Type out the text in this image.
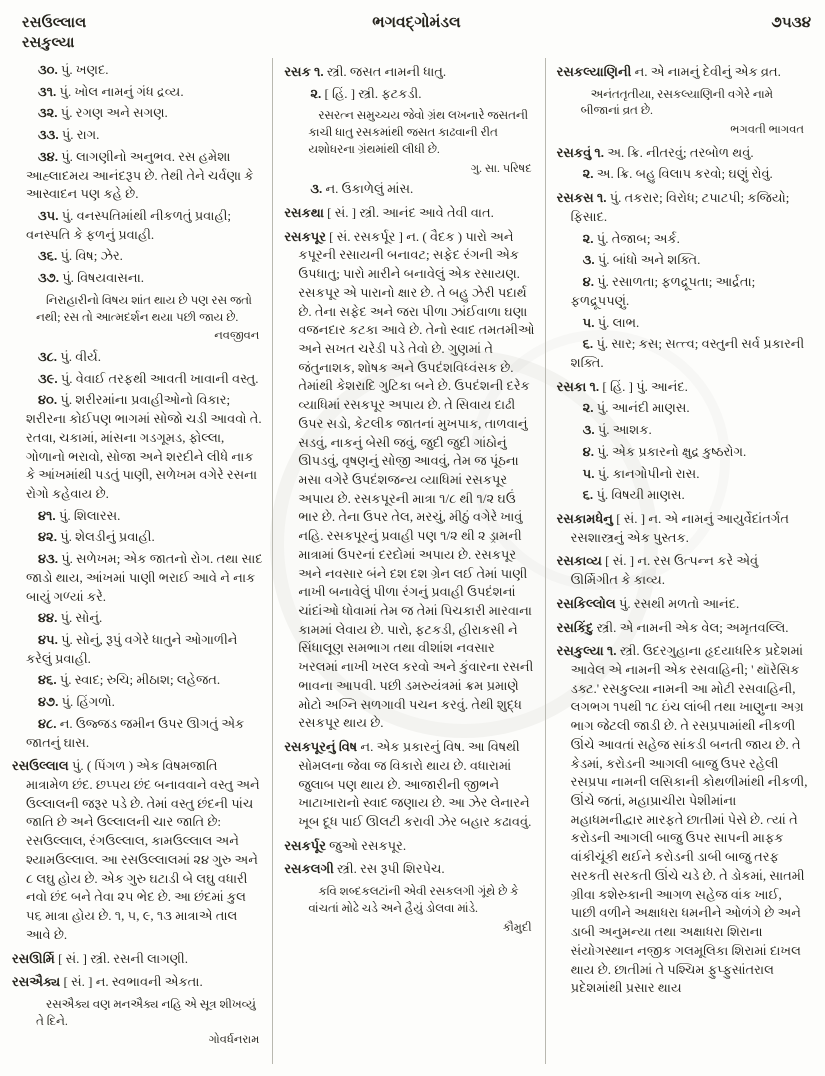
રસઉલ્લાલ	ભગવદ્ગોમંડલ	૭૫૩૪
રસકુલ્યા
૩૦. પું. ખણદ.
૩૧. પું. ખોલ નામનું ગંધ દ્રવ્ય.
૩૨. પું. રગણ અને સગણ.
૩૩. પું. રાગ.
૩૪. પું. લાગણીનો અનુભવ. રસ હમેશા આહ્લાદમય આનંદરૂપ છે. તેથી તેને ચર્વણા કે આસ્વાદન પણ કહે છે.
૩૫. પું. વનસ્પતિમાંથી નીકળતું પ્રવાહી; વનસ્પતિ કે ફળનું પ્રવાહી.
૩૬. પું. વિષ; ઝેર.
૩૭. પું. વિષયવાસના.
નિરાહારીનો વિષય શાંત થાય છે પણ રસ જતો નથી; રસ તો આત્મદર્શન થયા પછી જાય છે.
નવજીવન
૩૮. પું. વીર્ય.
૩૯. પું. વેવાઈ તરફથી આવતી ખાવાની વસ્તુ.
૪૦. પું. શરીરમાંના પ્રવાહીઓનો વિકાર; શરીરના કોઈપણ ભાગમાં સોજો ચડી આવવો તે. રતવા, ચકામાં, માંસના ગડગૂમડ, ફોલ્લા, ગોળાનો ભરાવો, સોજા અને શરદીને લીધે નાક કે આંખમાંથી પડતું પાણી, સળેખમ વગેરે રસના રોગો કહેવાય છે.
૪૧. પું. શિલારસ.
૪૨. પું. શેલડીનું પ્રવાહી.
૪૩. પું. સળેખમ; એક જાતનો રોગ. તથા સાદ જાડો થાય, આંખમાં પાણી ભરાઈ આવે ને નાક બાયું ગળ્યાં કરે.
૪૪. પું. સોનું.
૪૫. પું. સોનું, રૂપું વગેરે ધાતુને ઓગાળીને કરેલું પ્રવાહી.
૪૬. પું. સ્વાદ; રુચિ; મીઠાશ; લહેજત.
૪૭. પું. હિંગળો.
૪૮. ન. ઉજ્જડ જમીન ઉપર ઊગતું એક જાતનું ઘાસ.
રસઉલ્લાલ પું. ( પિંગળ ) એક વિષમજાતિ માત્રામેળ છંદ. છપ્પય છંદ બનાવવાને વસ્તુ અને ઉલ્લાલની જરૂર પડે છે. તેમાં વસ્તુ છંદની પાંચ જાતિ છે અને ઉલ્લાલની ચાર જાતિ છે: રસઉલ્લાલ, રંગઉલ્લાલ, કામઉલ્લાલ અને શ્યામઉલ્લાલ. આ રસઉલ્લાલમાં ૨૪ ગુરુ અને ૮ લઘુ હોય છે. એક ગુરુ ઘટાડી બે લઘુ વધારી નવો છંદ બને તેવા ૨૫ ભેદ છે. આ છંદમાં કુલ ૫૬ માત્રા હોય છે. ૧, ૫, ૯, ૧૩ માત્રાએ તાલ આવે છે.
રસઊર્મિ [ સં. ] સ્ત્રી. રસની લાગણી.
રસઐક્ય [ સં. ] ન. સ્વભાવની એકતા.
રસઐક્ય વણ મનઐક્ય નહિ એ સૂત્ર શીખવ્યું તે દિને.
ગોવર્ધનરામ
રસક ૧. સ્ત્રી. જસત નામની ધાતુ.
૨. [ હિં. ] સ્ત્રી. ફટકડી.
રસરત્ન સમુચ્ચય જેવો ગ્રંથ લખનારે જસતની કાચી ધાતુ રસકમાંથી જસત કાઢવાની રીત યશોધરના ગ્રંથમાંથી લીધી છે.
ગુ. સા. પરિષદ
૩. ન. ઉકાળેલું માંસ.
રસકથા [ સં. ] સ્ત્રી. આનંદ આવે તેવી વાત.
રસકપૂર [ સં. રસકર્પૂર ] ન. ( વૈદક ) પારો અને કપૂરની રસાયની બનાવટ; સફેદ રંગની એક ઉપધાતુ; પારો મારીને બનાવેલું એક રસાયણ. રસકપૂર એ પારાનો ક્ષાર છે. તે બહુ ઝેરી પદાર્થ છે. તેના સફેદ અને જરા પીળા ઝાંઈવાળા ઘણા વજનદાર કટકા આવે છે. તેનો સ્વાદ તમતમીઓ અને સખત ચરેડી પડે તેવો છે. ગુણમાં તે જંતુનાશક, શોષક અને ઉપદંશવિધ્વંસક છે. તેમાંથી કેશરાદિ ગુટિકા બને છે. ઉપદંશની દરેક વ્યાધિમાં રસકપૂર અપાય છે. તે સિવાય દાઢી ઉપર સડો, કેટલીક જાતનાં મુખપાક, તાળવાનું સડવું, નાકનું બેસી જવું, જુદી જુદી ગાંઠોનું ઊપડવું, વૃષણનું સોજી આવવું, તેમ જ પૂંઠના મસા વગેરે ઉપદંશજન્ય વ્યાધિમાં રસકપૂર અપાય છે. રસકપૂરની માત્રા ૧/૮ થી ૧/૨ ઘઉં ભાર છે. તેના ઉપર તેલ, મરચું, મીઠું વગેરે ખાવું નહિ. રસકપૂરનું પ્રવાહી પણ ૧/૨ થી ૨ ડ્રામની માત્રામાં ઉપરનાં દરદોમાં અપાય છે. રસકપૂર અને નવસાર બંને દશ દશ ગ્રેન લઈ તેમાં પાણી નાખી બનાવેલું પીળા રંગનું પ્રવાહી ઉપદંશનાં ચાંદાંઓ ધોવામાં તેમ જ તેમાં પિચકારી મારવાના કામમાં લેવાય છે. પારો, ફટકડી, હીરાકસી ને સિંધાલૂણ સમભાગ તથા વીશાંશ નવસાર ખરલમાં નાખી ખરલ કરવો અને કુંવારના રસની ભાવના આપવી. પછી ડમરુયંત્રમાં ક્રમ પ્રમાણે મોટો અગ્નિ સળગાવી પચન કરવું. તેથી શુદ્ધ રસકપૂર થાય છે.
રસકપૂરનું વિષ ન. એક પ્રકારનું વિષ. આ વિષથી સોમલના જેવા જ વિકારો થાય છે. વધારામાં જુલાબ પણ થાય છે. આજારીની જીભને ખાટાખારાનો સ્વાદ જણાય છે. આ ઝેર લેનારને ખૂબ દૂધ પાઈ ઊલટી કરાવી ઝેર બહાર કઢાવવું.
રસકર્પૂર જુઓ રસકપૂર.
રસકલગી સ્ત્રી. રસ રૂપી શિરપેચ.
કવિ શબ્દકલટાંની એવી રસકલગી ગૂંથે છે કે વાંચતાં મોઢે ચડે અને હૈયું ડોલવા માંડે.
કૌમુદી
રસકલ્યાણિની ન. એ નામનું દેવીનું એક વ્રત.
અનંતતૃતીયા, રસકલ્યાણિની વગેરે નામે બીજાનાં વ્રત છે.
ભગવતી ભાગવત
રસકવું ૧. અ. ક્રિ. નીતરવું; તરબોળ થવું.
૨. અ. ક્રિ. બહુ વિલાપ કરવો; ઘણું રોવું.
રસકસ ૧. પું. તકરાર; વિરોધ; ટપાટપી; કજિયો; ફિસાદ.
૨. પું. તેજાબ; અર્ક.
૩. પું. બાંધો અને શક્તિ.
૪. પું. રસાળતા; ફળદ્રૂપતા; આર્દ્રતા; ફળદ્રૂપપણું.
૫. પું. લાભ.
૬. પું. સાર; કસ; સત્ત્વ; વસ્તુની સર્વ પ્રકારની શક્તિ.
રસકા ૧. [ હિં. ] પું. આનંદ.
૨. પું. આનંદી માણસ.
૩. પું. આશક.
૪. પું. એક પ્રકારનો ક્ષુદ્ર કુષ્ઠરોગ.
૫. પું. કાનગોપીનો રાસ.
૬. પું. વિષયી માણસ.
રસકામધેનુ [ સં. ] ન. એ નામનું આયુર્વેદાંતર્ગત રસશાસ્ત્રનું એક પુસ્તક.
રસકાવ્ય [ સં. ] ન. રસ ઉત્પન્ન કરે એવું ઊર્મિગીત કે કાવ્ય.
રસકિલ્લોલ પું. રસથી મળતો આનંદ.
રસકિંદુ સ્ત્રી. એ નામની એક વેલ; અમૃતવલ્લિ.
રસકુલ્યા ૧. સ્ત્રી. ઉદરગુહાના હૃદયાધરિક પ્રદેશમાં આવેલ એ નામની એક રસવાહિની; ' થૉરેસિક ડક્ટ.' રસકુલ્યા નામની આ મોટી રસવાહિની, લગભગ ૧૫થી ૧૮ ઇંચ લાંબી તથા ખાણુના અગ્ર ભાગ જેટલી જાડી છે. તે રસપ્રપામાંથી નીકળી ઊંચે આવતાં સહેજ સાંકડી બનતી જાય છે. તે કેડમાં, કરોડની આગલી બાજુ ઉપર રહેલી રસપ્રપા નામની લસિકાની કોથળીમાંથી નીકળી, ઊંચે જતાં, મહાપ્રાચીરા પેશીમાંના મહાધમનીદ્વાર મારફતે છાતીમાં પેસે છે. ત્યાં તે કરોડની આગલી બાજુ ઉપર સાપની માફક વાંકીચૂંકી થઈને કરોડની ડાબી બાજુ તરફ સરકતી સરકતી ઊંચે ચડે છે. તે ડોકમાં, સાતમી ગ્રીવા કશેરુકાની આગળ સહેજ વાંક ખાઈ, પાછી વળીને અક્ષાધરા ધમનીને ઓળંગે છે અને ડાબી અનુમન્યા તથા અક્ષાધરા શિરાના સંયોગસ્થાન નજીક ગલમૂલિકા શિરામાં દાખલ થાય છે. છાતીમાં તે પશ્ચિમ ફુપ્ફુસાંતરાલ પ્રદેશમાંથી પ્રસાર થાય
